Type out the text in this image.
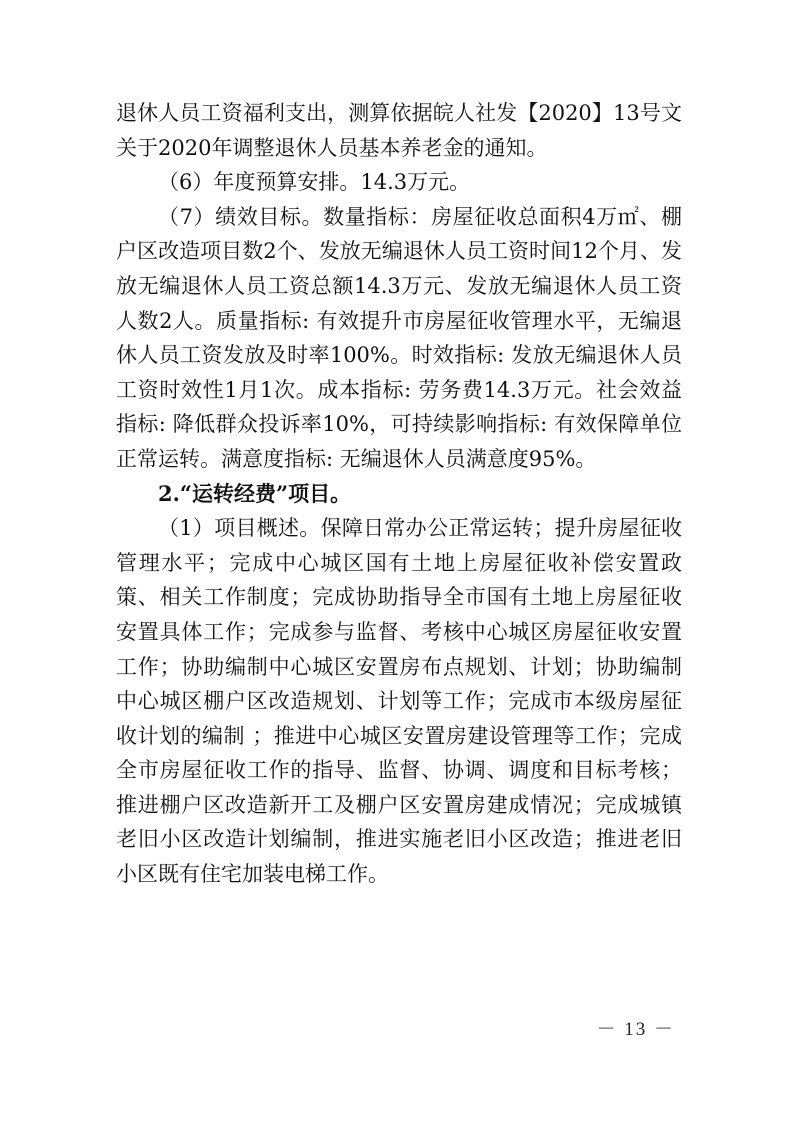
退休人员工资福利支出，测算依据皖人社发【2020】13号文关于2020年调整退休人员基本养老金的通知。

（6）年度预算安排。14.3万元。

（7）绩效目标。数量指标：房屋征收总面积4万㎡、棚户区改造项目数2个、发放无编退休人员工资时间12个月、发放无编退休人员工资总额14.3万元、发放无编退休人员工资人数2人。质量指标: 有效提升市房屋征收管理水平，无编退休人员工资发放及时率100%。时效指标: 发放无编退休人员工资时效性1月1次。成本指标: 劳务费14.3万元。社会效益指标: 降低群众投诉率10%，可持续影响指标: 有效保障单位正常运转。满意度指标: 无编退休人员满意度95%。

2.“运转经费”项目。

（1）项目概述。保障日常办公正常运转；提升房屋征收管理水平；完成中心城区国有土地上房屋征收补偿安置政策、相关工作制度；完成协助指导全市国有土地上房屋征收安置具体工作；完成参与监督、考核中心城区房屋征收安置工作；协助编制中心城区安置房布点规划、计划；协助编制中心城区棚户区改造规划、计划等工作；完成市本级房屋征收计划的编制 ；推进中心城区安置房建设管理等工作；完成全市房屋征收工作的指导、监督、协调、调度和目标考核；推进棚户区改造新开工及棚户区安置房建成情况；完成城镇老旧小区改造计划编制，推进实施老旧小区改造；推进老旧小区既有住宅加装电梯工作。

－ 13 －
